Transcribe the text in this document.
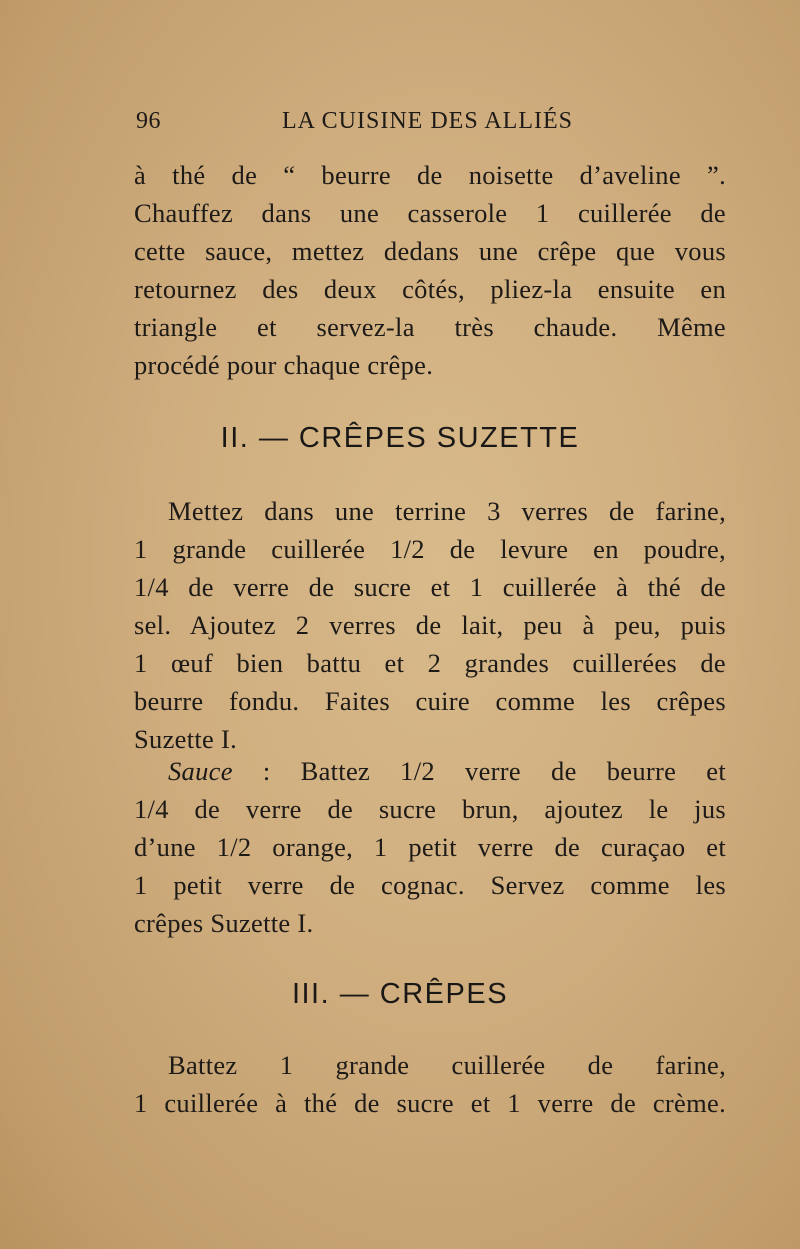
96	LA CUISINE DES ALLIÉS
à thé de “ beurre de noisette d’aveline ”.
Chauffez dans une casserole 1 cuillerée de
cette sauce, mettez dedans une crêpe que vous
retournez des deux côtés, pliez-la ensuite en
triangle et servez-la très chaude. Même
procédé pour chaque crêpe.
II. — CRÊPES SUZETTE
Mettez dans une terrine 3 verres de farine,
1 grande cuillerée 1/2 de levure en poudre,
1/4 de verre de sucre et 1 cuillerée à thé de
sel. Ajoutez 2 verres de lait, peu à peu, puis
1 œuf bien battu et 2 grandes cuillerées de
beurre fondu. Faites cuire comme les crêpes
Suzette I.
Sauce : Battez 1/2 verre de beurre et
1/4 de verre de sucre brun, ajoutez le jus
d’une 1/2 orange, 1 petit verre de curaçao et
1 petit verre de cognac. Servez comme les
crêpes Suzette I.
III. — CRÊPES
Battez 1 grande cuillerée de farine,
1 cuillerée à thé de sucre et 1 verre de crème.
